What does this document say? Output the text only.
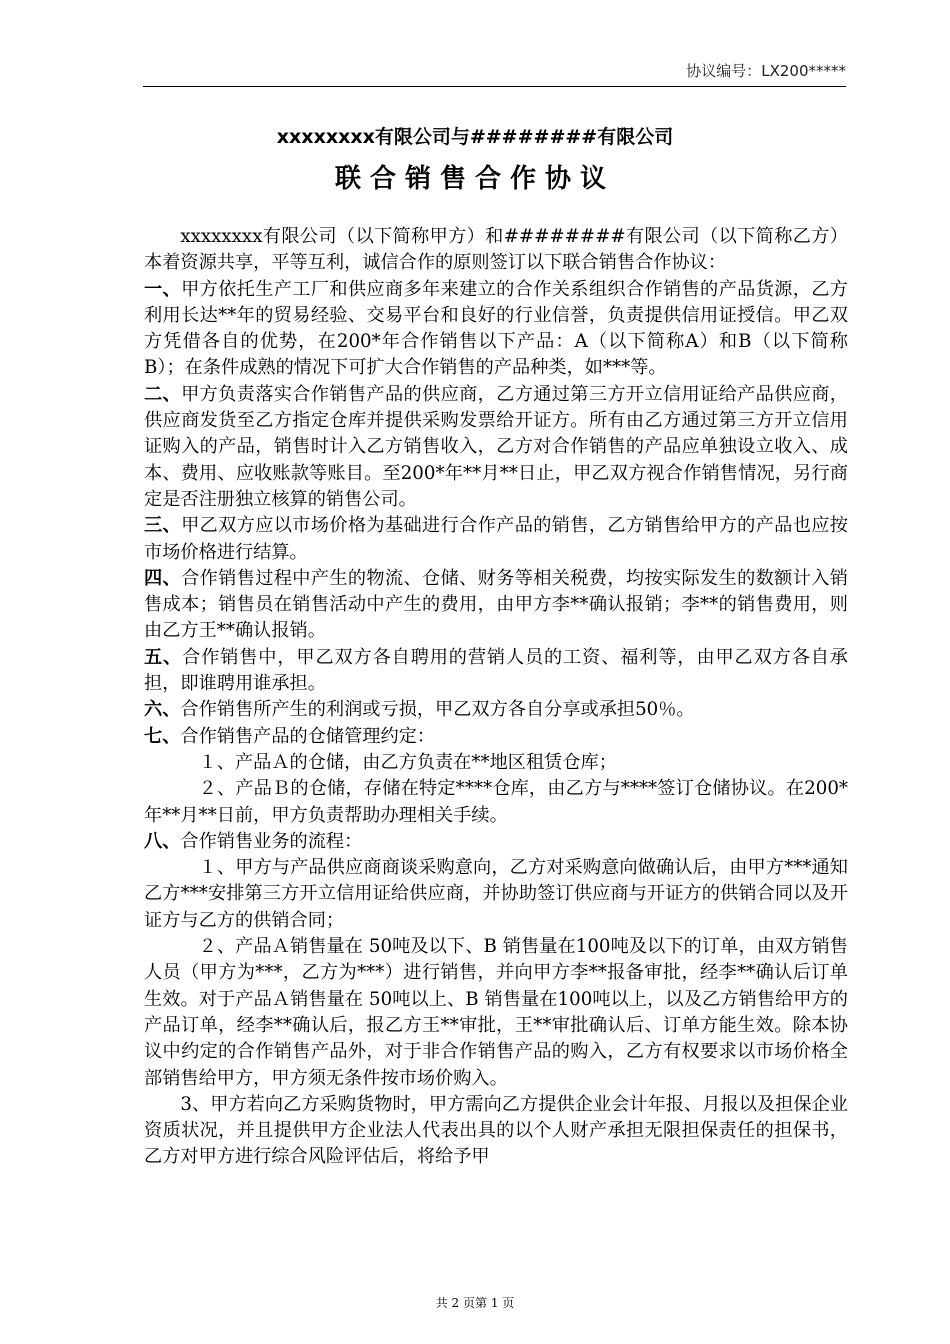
协议编号：LX200*****
xxxxxxxx有限公司与########有限公司
联合销售合作协议

xxxxxxxx有限公司（以下简称甲方）和########有限公司（以下简称乙方）本着资源共享，平等互利，诚信合作的原则签订以下联合销售合作协议：

一、甲方依托生产工厂和供应商多年来建立的合作关系组织合作销售的产品货源，乙方利用长达**年的贸易经验、交易平台和良好的行业信誉，负责提供信用证授信。甲乙双方凭借各自的优势，在200*年合作销售以下产品：A（以下简称A）和B（以下简称B）；在条件成熟的情况下可扩大合作销售的产品种类，如***等。

二、甲方负责落实合作销售产品的供应商，乙方通过第三方开立信用证给产品供应商，供应商发货至乙方指定仓库并提供采购发票给开证方。所有由乙方通过第三方开立信用证购入的产品，销售时计入乙方销售收入，乙方对合作销售的产品应单独设立收入、成本、费用、应收账款等账目。至200*年**月**日止，甲乙双方视合作销售情况，另行商定是否注册独立核算的销售公司。

三、甲乙双方应以市场价格为基础进行合作产品的销售，乙方销售给甲方的产品也应按市场价格进行结算。

四、合作销售过程中产生的物流、仓储、财务等相关税费，均按实际发生的数额计入销售成本；销售员在销售活动中产生的费用，由甲方李**确认报销；李**的销售费用，则由乙方王**确认报销。

五、合作销售中，甲乙双方各自聘用的营销人员的工资、福利等，由甲乙双方各自承担，即谁聘用谁承担。

六、合作销售所产生的利润或亏损，甲乙双方各自分享或承担50％。

七、合作销售产品的仓储管理约定：

１、产品Ａ的仓储，由乙方负责在**地区租赁仓库；

２、产品Ｂ的仓储，存储在特定****仓库，由乙方与****签订仓储协议。在200*年**月**日前，甲方负责帮助办理相关手续。

八、合作销售业务的流程：

１、甲方与产品供应商商谈采购意向，乙方对采购意向做确认后，由甲方***通知乙方***安排第三方开立信用证给供应商，并协助签订供应商与开证方的供销合同以及开证方与乙方的供销合同；

２、产品Ａ销售量在 50吨及以下、B 销售量在100吨及以下的订单，由双方销售人员（甲方为***，乙方为***）进行销售，并向甲方李**报备审批，经李**确认后订单生效。对于产品Ａ销售量在 50吨以上、B 销售量在100吨以上，以及乙方销售给甲方的产品订单，经李**确认后，报乙方王**审批，王**审批确认后、订单方能生效。除本协议中约定的合作销售产品外，对于非合作销售产品的购入，乙方有权要求以市场价格全部销售给甲方，甲方须无条件按市场价购入。

3、甲方若向乙方采购货物时，甲方需向乙方提供企业会计年报、月报以及担保企业资质状况，并且提供甲方企业法人代表出具的以个人财产承担无限担保责任的担保书，乙方对甲方进行综合风险评估后，将给予甲

共 2 页第 1 页
